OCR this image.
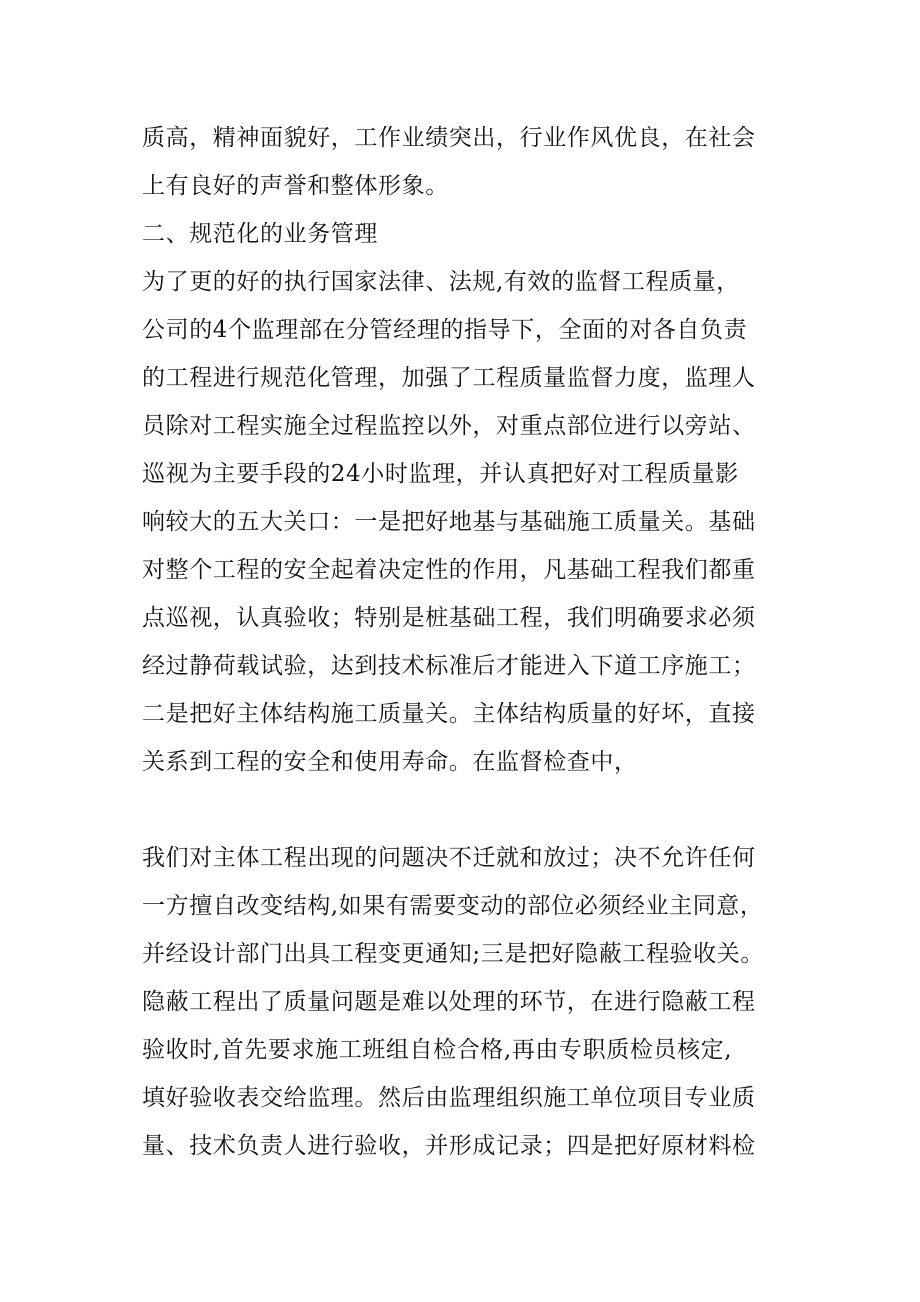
质高，精神面貌好，工作业绩突出，行业作风优良，在社会
上有良好的声誉和整体形象。
二、规范化的业务管理
为了更的好的执行国家法律、法规,有效的监督工程质量，
公司的4个监理部在分管经理的指导下，全面的对各自负责
的工程进行规范化管理，加强了工程质量监督力度，监理人
员除对工程实施全过程监控以外，对重点部位进行以旁站、
巡视为主要手段的24小时监理，并认真把好对工程质量影
响较大的五大关口：一是把好地基与基础施工质量关。基础
对整个工程的安全起着决定性的作用，凡基础工程我们都重
点巡视，认真验收；特别是桩基础工程，我们明确要求必须
经过静荷载试验，达到技术标准后才能进入下道工序施工；
二是把好主体结构施工质量关。主体结构质量的好坏，直接
关系到工程的安全和使用寿命。在监督检查中，
我们对主体工程出现的问题决不迁就和放过；决不允许任何
一方擅自改变结构,如果有需要变动的部位必须经业主同意，
并经设计部门出具工程变更通知;三是把好隐蔽工程验收关。
隐蔽工程出了质量问题是难以处理的环节，在进行隐蔽工程
验收时,首先要求施工班组自检合格,再由专职质检员核定,
填好验收表交给监理。然后由监理组织施工单位项目专业质
量、技术负责人进行验收，并形成记录；四是把好原材料检
